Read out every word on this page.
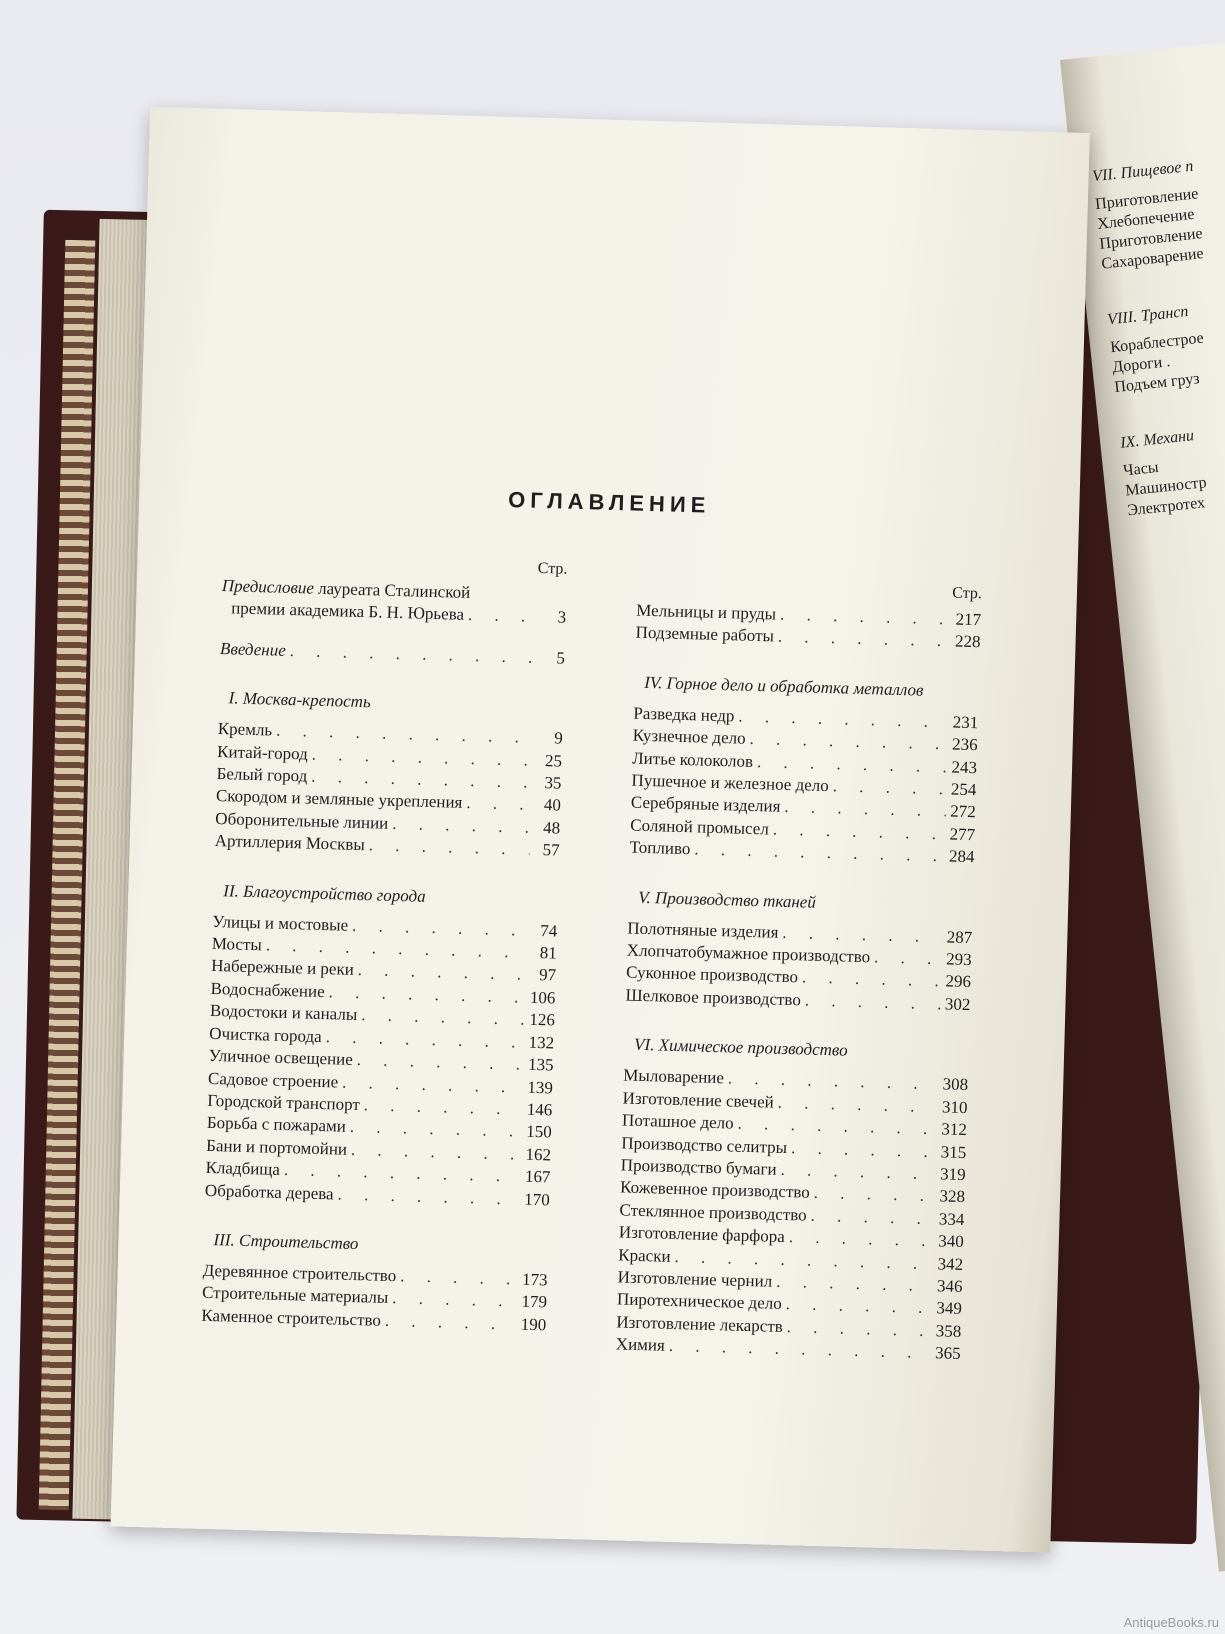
VII. Пищевое п
Приготовление
Хлебопечение
Приготовление
Сахароварение
VIII. Трансп
Кораблестрое
Дороги .
Подъем груз
IX. Механи
Часы
Машиностр
Электротех
ОГЛАВЛЕНИЕ
Стр.
Предисловие лауреата Сталинской
премии академика Б. Н. Юрьева . . .	3
Введение . . .	5
I. Москва-крепость
Кремль . . .	9
Китай-город . . .	25
Белый город . . .	35
Скородом и земляные укрепления . . .	40
Оборонительные линии . . .	48
Артиллерия Москвы . . .	57
II. Благоустройство города
Улицы и мостовые . . .	74
Мосты . . .	81
Набережные и реки . . .	97
Водоснабжение . . .	106
Водостоки и каналы . . .	126
Очистка города . . .	132
Уличное освещение . . .	135
Садовое строение . . .	139
Городской транспорт . . .	146
Борьба с пожарами . . .	150
Бани и портомойни . . .	162
Кладбища . . .	167
Обработка дерева . . .	170
III. Строительство
Деревянное строительство . . .	173
Строительные материалы . . .	179
Каменное строительство . . .	190
Стр.
Мельницы и пруды . . .	217
Подземные работы . . .	228
IV. Горное дело и обработка металлов
Разведка недр . . .	231
Кузнечное дело . . .	236
Литье колоколов . . .	243
Пушечное и железное дело . . .	254
Серебряные изделия . . .	272
Соляной промысел . . .	277
Топливо . . .	284
V. Производство тканей
Полотняные изделия . . .	287
Хлопчатобумажное производство . . .	293
Суконное производство . . .	296
Шелковое производство . . .	302
VI. Химическое производство
Мыловарение . . .	308
Изготовление свечей . . .	310
Поташное дело . . .	312
Производство селитры . . .	315
Производство бумаги . . .	319
Кожевенное производство . . .	328
Стеклянное производство . . .	334
Изготовление фарфора . . .	340
Краски . . .	342
Изготовление чернил . . .	346
Пиротехническое дело . . .	349
Изготовление лекарств . . .	358
Химия . . .	365
AntiqueBooks.ru
